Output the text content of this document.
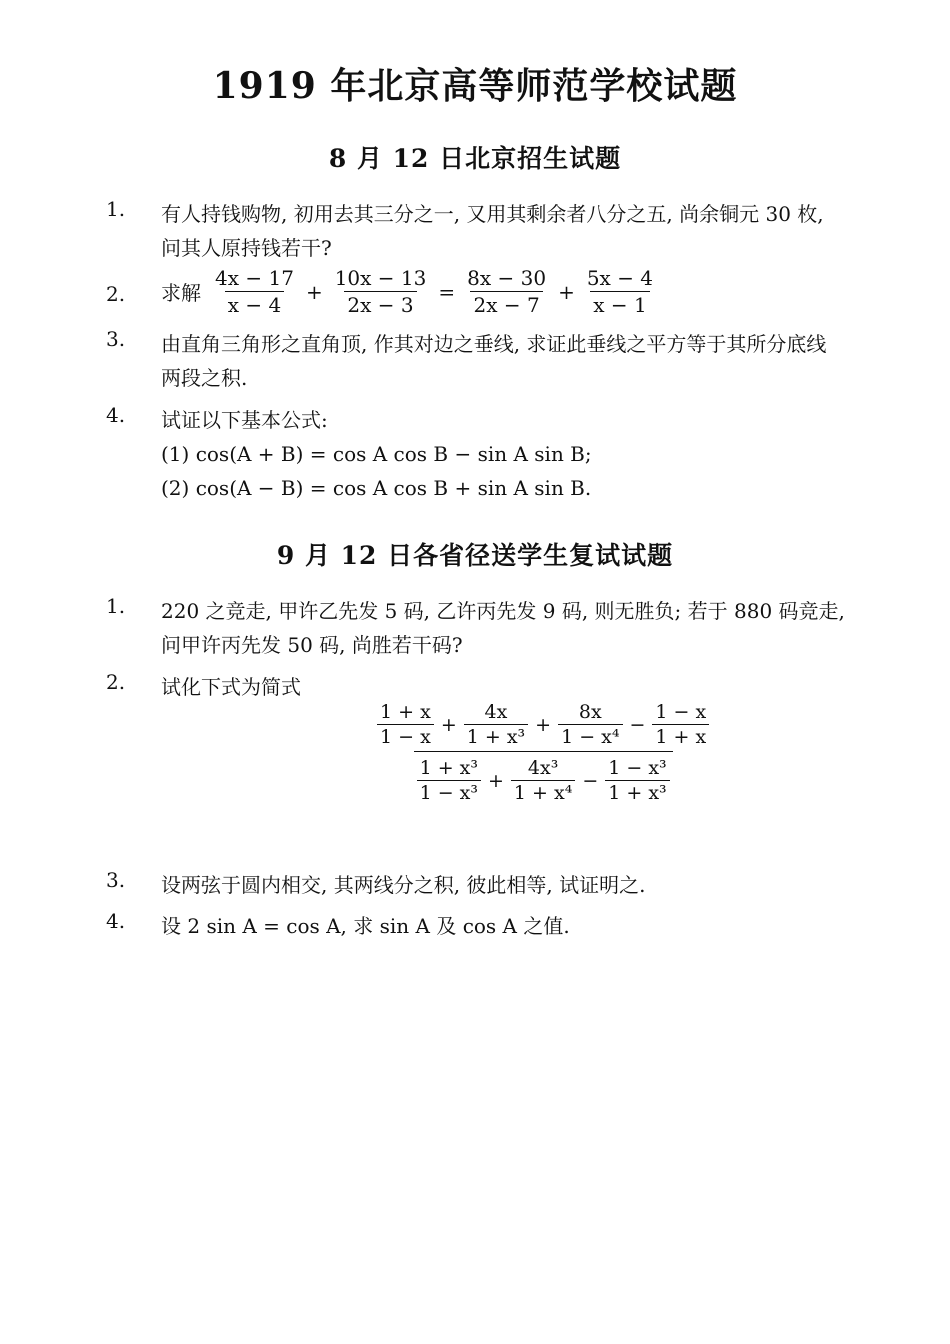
1919 年北京高等师范学校试题
8 月 12 日北京招生试题
1. 有人持钱购物, 初用去其三分之一, 又用其剩余者八分之五, 尚余铜元 30 枚,
问其人原持钱若干?
2. 求解 $\frac{4x - 17}{x - 4} + \frac{10x - 13}{2x - 3} = \frac{8x - 30}{2x - 7} + \frac{5x - 4}{x - 1}$
3. 由直角三角形之直角顶, 作其对边之垂线, 求证此垂线之平方等于其所分底线
两段之积.
4. 试证以下基本公式:
(1) cos(A + B) = cos A cos B − sin A sin B;
(2) cos(A − B) = cos A cos B + sin A sin B.
9 月 12 日各省径送学生复试试题
1. 220 之竞走, 甲许乙先发 5 码, 乙许丙先发 9 码, 则无胜负; 若于 880 码竞走,
问甲许丙先发 50 码, 尚胜若干码?
2. 试化下式为简式
$\frac{1 + x}{1 - x} + \frac{4x}{\text{1 + x³}} + \frac{8x}{\text{1 − x⁴}} - \frac{1 - x}{1 + x}$
$\frac{\text{1 + x³}}{\text{1 − x³}} + \frac{\text{4x³}}{\text{1 + x⁴}} - \frac{\text{1 − x³}}{\text{1 + x³}}$
3. 设两弦于圆内相交, 其两线分之积, 彼此相等, 试证明之.
4. 设 2 sin A = cos A, 求 sin A 及 cos A 之值.
